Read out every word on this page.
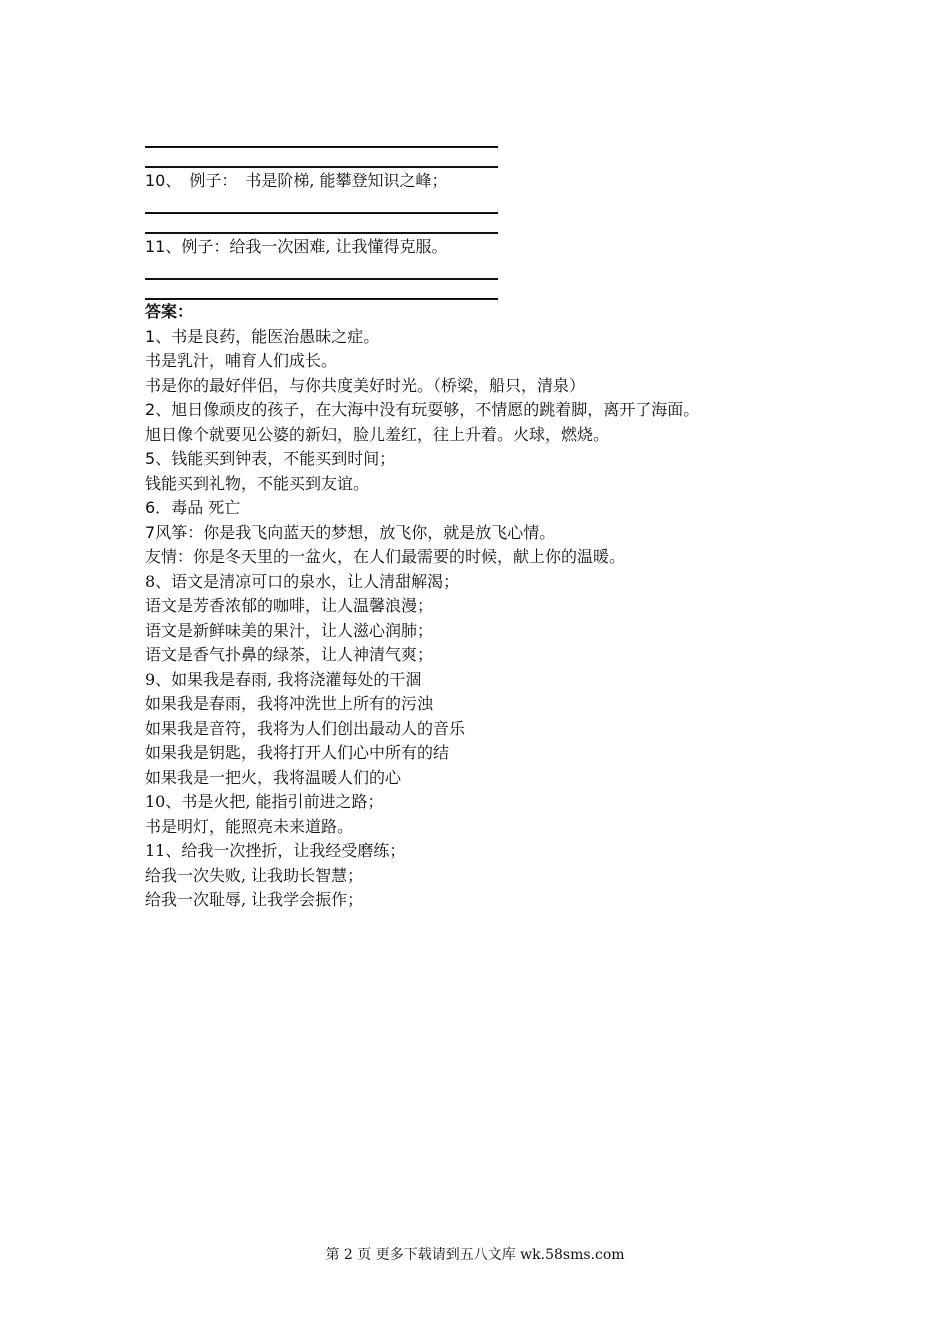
10、　例子：　书是阶梯, 能攀登知识之峰；
11、例子：给我一次困难, 让我懂得克服。
答案：
1、书是良药，能医治愚昧之症。
书是乳汁，哺育人们成长。
书是你的最好伴侣，与你共度美好时光。（桥梁，船只，清泉）
2、旭日像顽皮的孩子，在大海中没有玩耍够，不情愿的跳着脚，离开了海面。
旭日像个就要见公婆的新妇，脸儿羞红，往上升着。火球，燃烧。
5、钱能买到钟表，不能买到时间；
钱能买到礼物，不能买到友谊。
6．毒品 死亡
7风筝：你是我飞向蓝天的梦想，放飞你，就是放飞心情。
友情：你是冬天里的一盆火，在人们最需要的时候，献上你的温暖。
8、语文是清凉可口的泉水，让人清甜解渴；
语文是芳香浓郁的咖啡，让人温馨浪漫；
语文是新鲜味美的果汁，让人滋心润肺；
语文是香气扑鼻的绿茶，让人神清气爽；
9、如果我是春雨, 我将浇灌每处的干涸
如果我是春雨，我将冲洗世上所有的污浊
如果我是音符，我将为人们创出最动人的音乐
如果我是钥匙，我将打开人们心中所有的结
如果我是一把火，我将温暖人们的心
10、书是火把, 能指引前进之路；
书是明灯，能照亮未来道路。
11、给我一次挫折，让我经受磨练；
给我一次失败, 让我助长智慧；
给我一次耻辱, 让我学会振作；
第 2 页 更多下载请到五八文库 wk.58sms.com
